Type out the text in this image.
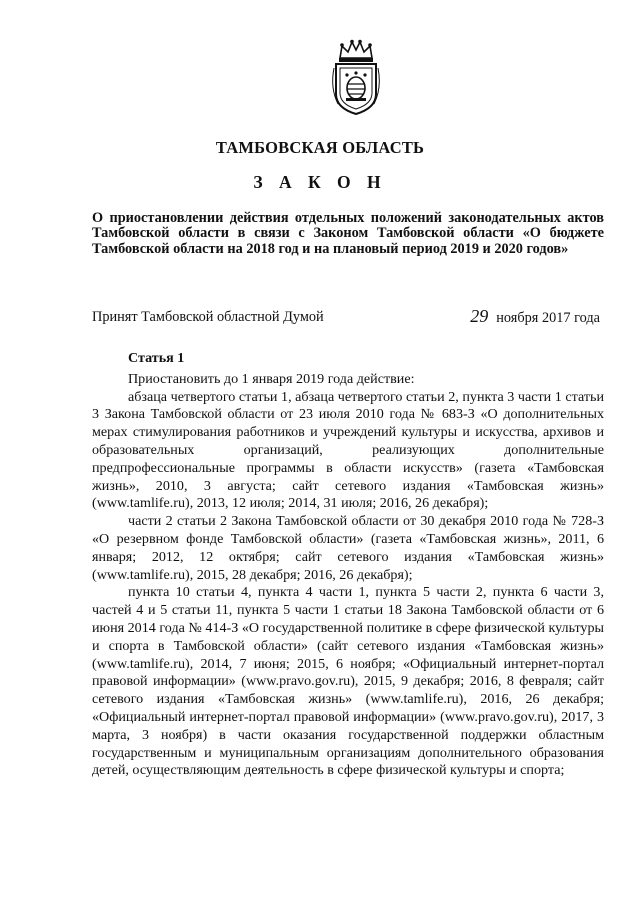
ТАМБОВСКАЯ ОБЛАСТЬ
З А К О Н
О приостановлении действия отдельных положений законодательных актов Тамбовской области в связи с Законом Тамбовской области «О бюджете Тамбовской области на 2018 год и на плановый период 2019 и 2020 годов»
Принят Тамбовской областной Думой	29 ноября 2017 года
Статья 1

Приостановить до 1 января 2019 года действие:

абзаца четвертого статьи 1, абзаца четвертого статьи 2, пункта 3 части 1 статьи 3 Закона Тамбовской области от 23 июля 2010 года № 683-З «О дополнительных мерах стимулирования работников и учреждений культуры и искусства, архивов и образовательных организаций, реализующих дополнительные предпрофессиональные программы в области искусств» (газета «Тамбовская жизнь», 2010, 3 августа; сайт сетевого издания «Тамбовская жизнь» (www.tamlife.ru), 2013, 12 июля; 2014, 31 июля; 2016, 26 декабря);

части 2 статьи 2 Закона Тамбовской области от 30 декабря 2010 года № 728-З «О резервном фонде Тамбовской области» (газета «Тамбовская жизнь», 2011, 6 января; 2012, 12 октября; сайт сетевого издания «Тамбовская жизнь» (www.tamlife.ru), 2015, 28 декабря; 2016, 26 декабря);

пункта 10 статьи 4, пункта 4 части 1, пункта 5 части 2, пункта 6 части 3, частей 4 и 5 статьи 11, пункта 5 части 1 статьи 18 Закона Тамбовской области от 6 июня 2014 года № 414-З «О государственной политике в сфере физической культуры и спорта в Тамбовской области» (сайт сетевого издания «Тамбовская жизнь» (www.tamlife.ru), 2014, 7 июня; 2015, 6 ноября; «Официальный интернет-портал правовой информации» (www.pravo.gov.ru), 2015, 9 декабря; 2016, 8 февраля; сайт сетевого издания «Тамбовская жизнь» (www.tamlife.ru), 2016, 26 декабря; «Официальный интернет-портал правовой информации» (www.pravo.gov.ru), 2017, 3 марта, 3 ноября) в части оказания государственной поддержки областным государственным и муниципальным организациям дополнительного образования детей, осуществляющим деятельность в сфере физической культуры и спорта;
